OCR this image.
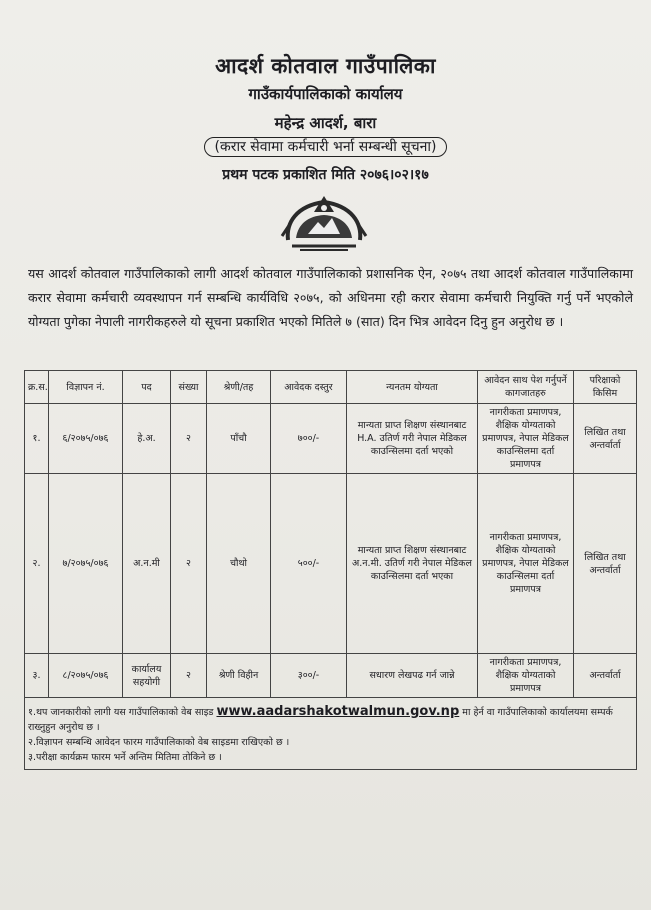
आदर्श कोतवाल गाउँपालिका
गाउँकार्यपालिकाको कार्यालय
महेन्द्र आदर्श, बारा
(करार सेवामा कर्मचारी भर्ना सम्बन्धी सूचना)
प्रथम पटक प्रकाशित मिति २०७६।०२।१७
यस आदर्श कोतवाल गाउँपालिकाको लागी आदर्श कोतवाल गाउँपालिकाको प्रशासनिक ऐन, २०७५ तथा आदर्श कोतवाल गाउँपालिकामा करार सेवामा कर्मचारी व्यवस्थापन गर्न सम्बन्धि कार्यविधि २०७५, को अधिनमा रही करार सेवामा कर्मचारी नियुक्ति गर्नु पर्ने भएकोले योग्यता पुगेका नेपाली नागरीकहरुले यो सूचना प्रकाशित भएको मितिले ७ (सात) दिन भित्र आवेदन दिनु हुन अनुरोध छ ।
क्र.स.	विज्ञापन नं.	पद	संख्या	श्रेणी/तह	आवेदक दस्तुर	न्यनतम योग्यता	आवेदन साथ पेश गर्नुपर्ने कागजातहरु	परिक्षाको किसिम
१.	६/२०७५/०७६	हे.अ.	२	पाँचौ	७००/-	मान्यता प्राप्त शिक्षण संस्थानबाट H.A. उतिर्ण गरी नेपाल मेडिकल काउन्सिलमा दर्ता भएको	नागरीकता प्रमाणपत्र, शैक्षिक योग्यताको प्रमाणपत्र, नेपाल मेडिकल काउन्सिलमा दर्ता प्रमाणपत्र	लिखित तथा अन्तर्वार्ता
२.	७/२०७५/०७६	अ.न.मी	२	चौथो	५००/-	मान्यता प्राप्त शिक्षण संस्थानबाट अ.न.मी. उतिर्ण गरी नेपाल मेडिकल काउन्सिलमा दर्ता भएका	नागरीकता प्रमाणपत्र, शैक्षिक योग्यताको प्रमाणपत्र, नेपाल मेडिकल काउन्सिलमा दर्ता प्रमाणपत्र	लिखित तथा अन्तर्वार्ता
३.	८/२०७५/०७६	कार्यालय सहयोगी	२	श्रेणी विहीन	३००/-	सधारण लेखपढ गर्न जान्ने	नागरीकता प्रमाणपत्र, शैक्षिक योग्यताको प्रमाणपत्र	अन्तर्वार्ता

१.थप जानकारीको लागी यस गाउँपालिकाको वेब साइड www.aadarshakotwalmun.gov.np मा हेर्न वा गाउँपालिकाको कार्यालयमा सम्पर्क राख्नुहुन अनुरोध छ ।
२.विज्ञापन सम्बन्धि आवेदन फारम गाउँपालिकाको वेब साइडमा राखिएको छ ।
३.परीक्षा कार्यक्रम फारम भर्ने अन्तिम मितिमा तोकिने छ ।								
